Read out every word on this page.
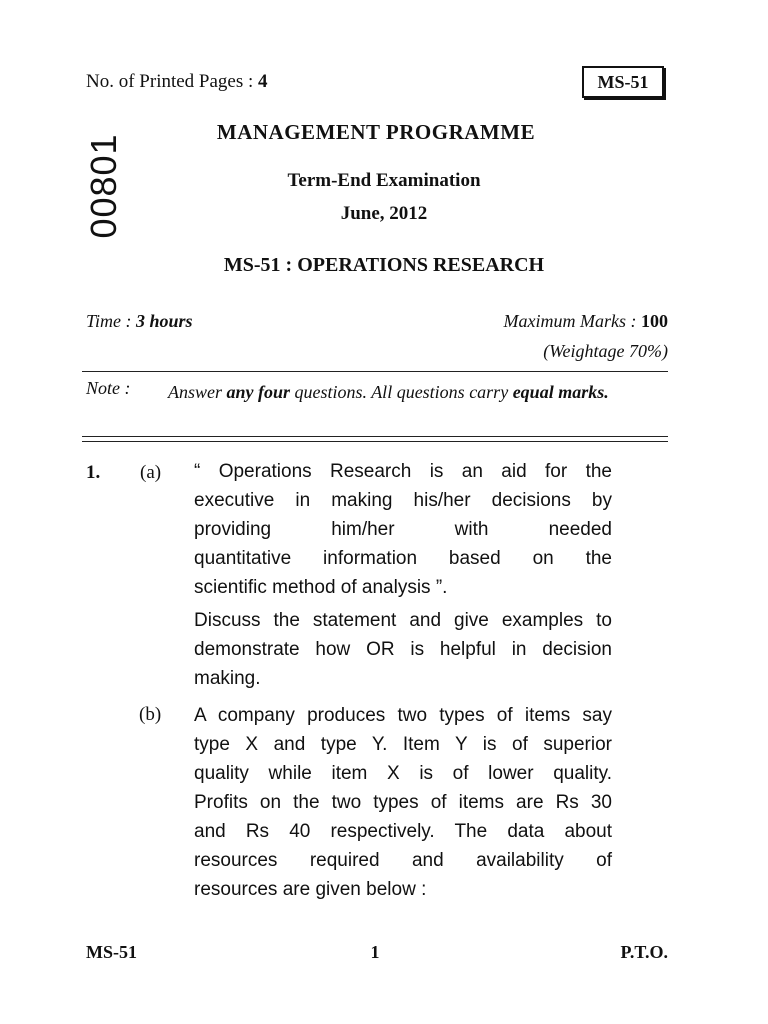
No. of Printed Pages : 4	MS-51
00801
MANAGEMENT PROGRAMME
Term-End Examination
June, 2012
MS-51 : OPERATIONS RESEARCH
Time : 3 hours	Maximum Marks : 100
(Weightage 70%)
Note : Answer any four questions. All questions carry equal marks.
1. (a)
(b)
“ Operations Research is an aid for the
executive in making his/her decisions by
providing him/her with needed
quantitative information based on the
scientific method of analysis ”.
Discuss the statement and give examples to
demonstrate how OR is helpful in decision
making.
A company produces two types of items say
type X and type Y. Item Y is of superior
quality while item X is of lower quality.
Profits on the two types of items are Rs 30
and Rs 40 respectively. The data about
resources required and availability of
resources are given below :
MS-51	1	P.T.O.
